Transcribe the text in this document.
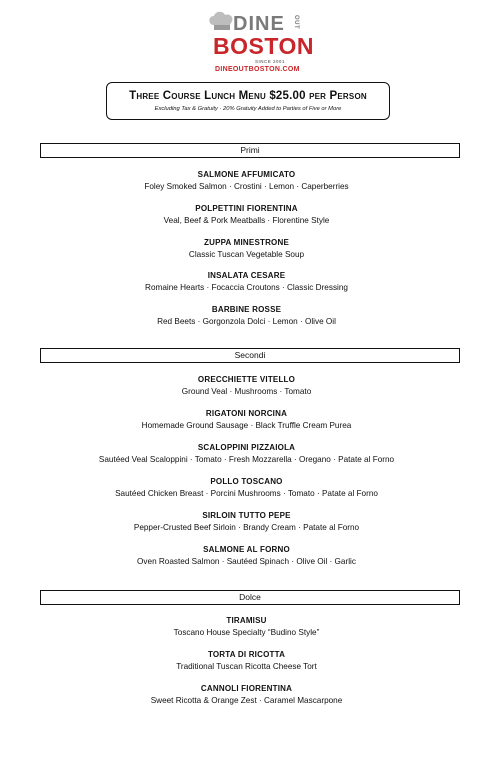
DINE OUT
BOSTON
SINCE 2001
DINEOUTBOSTON.COM
Three Course Lunch Menu $25.00 per Person
Excluding Tax & Gratuity · 20% Gratuity Added to Parties of Five or More
Primi
SALMONE AFFUMICATO
Foley Smoked Salmon · Crostini · Lemon · Caperberries
POLPETTINI FIORENTINA
Veal, Beef & Pork Meatballs · Florentine Style
ZUPPA MINESTRONE
Classic Tuscan Vegetable Soup
INSALATA CESARE
Romaine Hearts · Focaccia Croutons · Classic Dressing
BARBINE ROSSE
Red Beets · Gorgonzola Dolci · Lemon · Olive Oil
Secondi
ORECCHIETTE VITELLO
Ground Veal · Mushrooms · Tomato
RIGATONI NORCINA
Homemade Ground Sausage · Black Truffle Cream Purea
SCALOPPINI PIZZAIOLA
Sautéed Veal Scaloppini · Tomato · Fresh Mozzarella · Oregano · Patate al Forno
POLLO TOSCANO
Sautéed Chicken Breast · Porcini Mushrooms · Tomato · Patate al Forno
SIRLOIN TUTTO PEPE
Pepper-Crusted Beef Sirloin · Brandy Cream · Patate al Forno
SALMONE AL FORNO
Oven Roasted Salmon · Sautéed Spinach · Olive Oil · Garlic
Dolce
TIRAMISU
Toscano House Specialty “Budino Style”
TORTA DI RICOTTA
Traditional Tuscan Ricotta Cheese Tort
CANNOLI FIORENTINA
Sweet Ricotta & Orange Zest · Caramel Mascarpone
